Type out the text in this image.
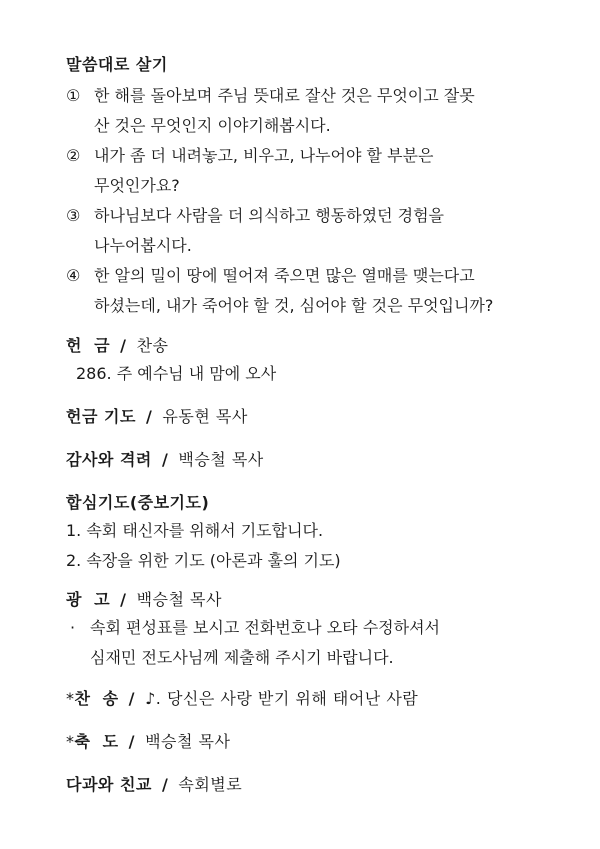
말씀대로 살기
① 한 해를 돌아보며 주님 뜻대로 잘산 것은 무엇이고 잘못
산 것은 무엇인지 이야기해봅시다.
② 내가 좀 더 내려놓고, 비우고, 나누어야 할 부분은
무엇인가요?
③ 하나님보다 사람을 더 의식하고 행동하였던 경험을
나누어봅시다.
④ 한 알의 밀이 땅에 떨어져 죽으면 많은 열매를 맺는다고
하셨는데, 내가 죽어야 할 것, 심어야 할 것은 무엇입니까?
헌  금 / 찬송
286. 주 예수님 내 맘에 오사
헌금 기도 / 유동현 목사
감사와 격려 / 백승철 목사
합심기도(중보기도)
1. 속회 태신자를 위해서 기도합니다.
2. 속장을 위한 기도 (아론과 훌의 기도)
광  고 / 백승철 목사
· 속회 편성표를 보시고 전화번호나 오타 수정하셔서
심재민 전도사님께 제출해 주시기 바랍니다.
*찬  송 / ♪. 당신은 사랑 받기 위해 태어난 사람
*축  도 / 백승철 목사
다과와 친교 / 속회별로
